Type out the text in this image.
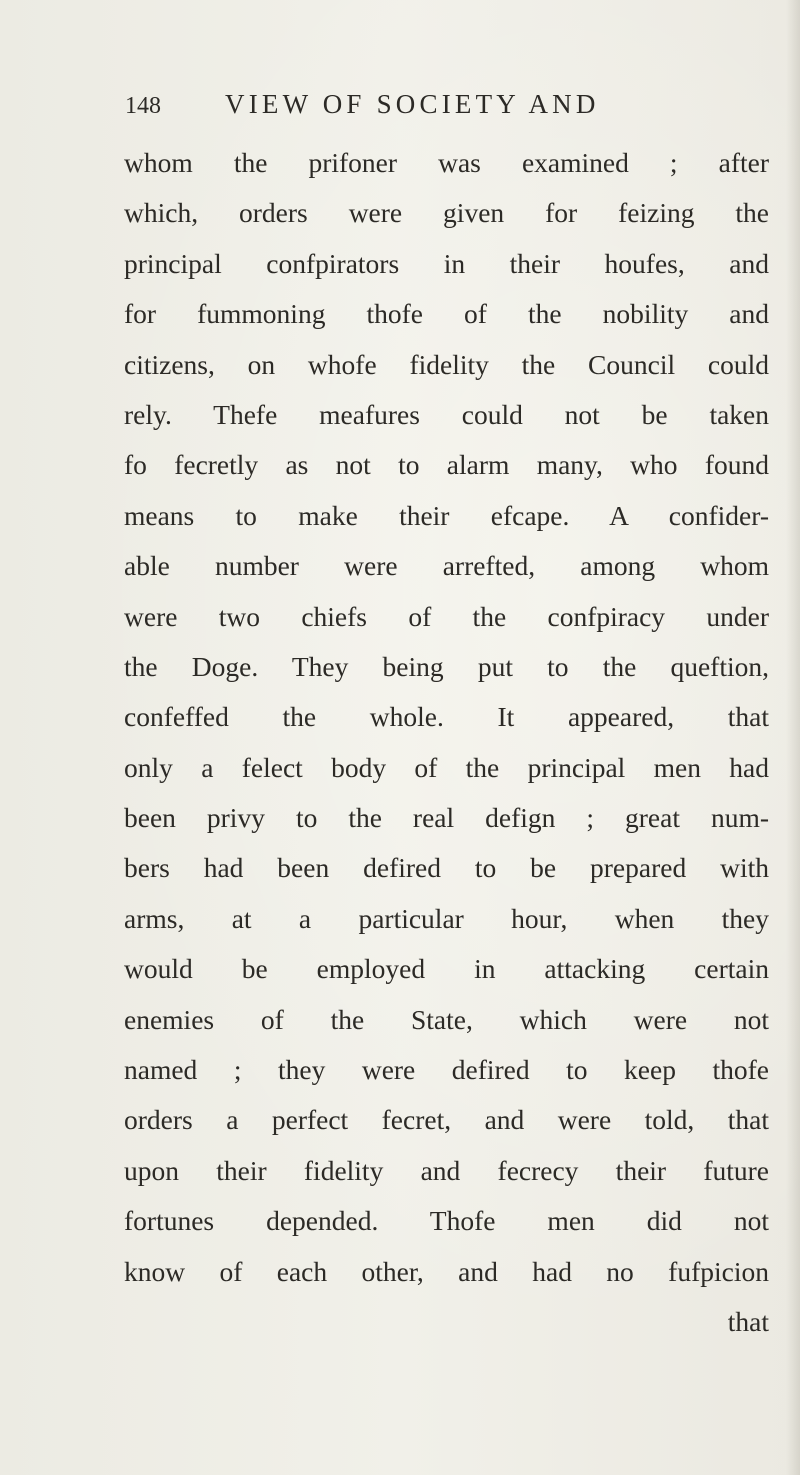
148 VIEW OF SOCIETY AND
whom the prifoner was examined ; after
which, orders were given for feizing the
principal confpirators in their houfes, and
for fummoning thofe of the nobility and
citizens, on whofe fidelity the Council could
rely. Thefe meafures could not be taken
fo fecretly as not to alarm many, who found
means to make their efcape. A confider-
able number were arrefted, among whom
were two chiefs of the confpiracy under
the Doge. They being put to the queftion,
confeffed the whole. It appeared, that
only a felect body of the principal men had
been privy to the real defign ; great num-
bers had been defired to be prepared with
arms, at a particular hour, when they
would be employed in attacking certain
enemies of the State, which were not
named ; they were defired to keep thofe
orders a perfect fecret, and were told, that
upon their fidelity and fecrecy their future
fortunes depended. Thofe men did not
know of each other, and had no fufpicion
that
